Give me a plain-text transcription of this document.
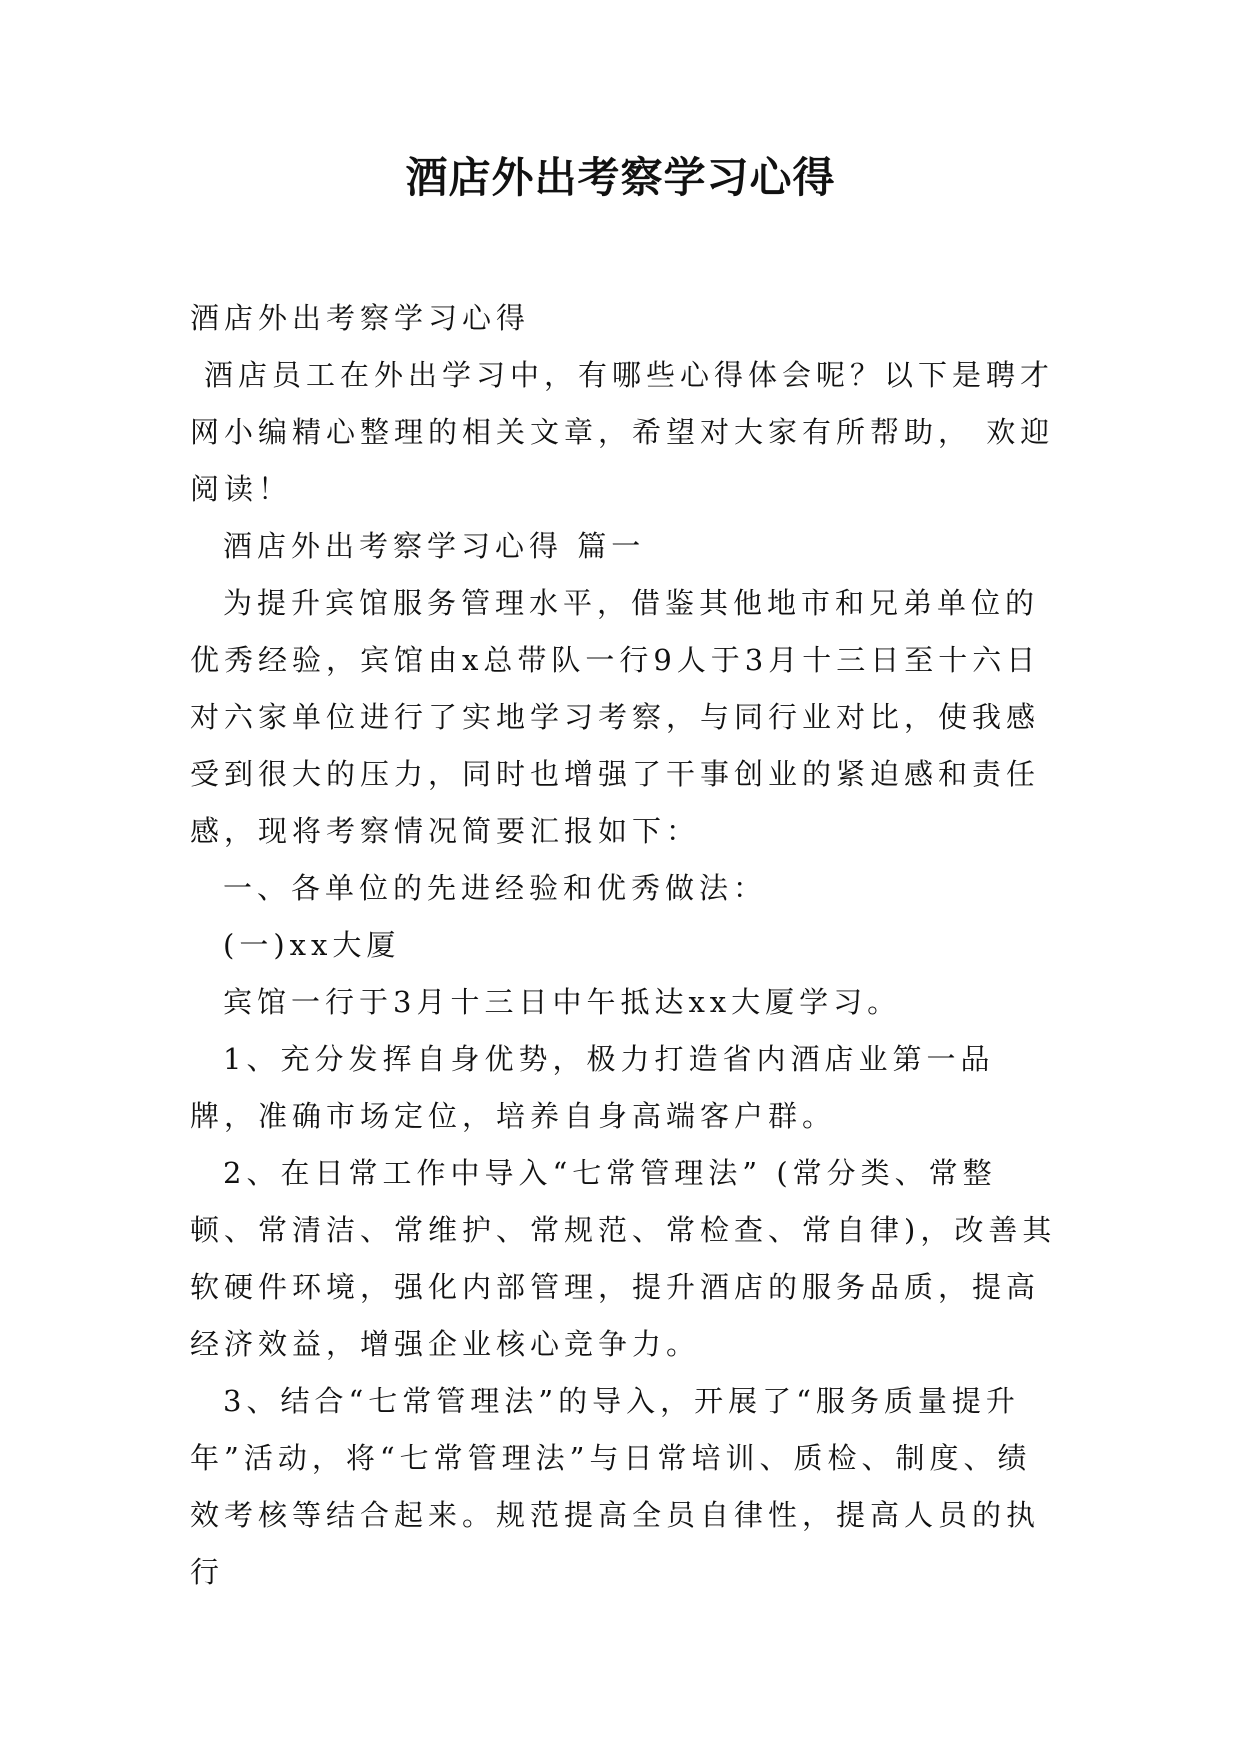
酒店外出考察学习心得

酒店外出考察学习心得

酒店员工在外出学习中，有哪些心得体会呢？以下是聘才网小编精心整理的相关文章，希望对大家有所帮助， 欢迎阅读！

酒店外出考察学习心得 篇一

为提升宾馆服务管理水平，借鉴其他地市和兄弟单位的优秀经验，宾馆由x总带队一行9人于3月十三日至十六日对六家单位进行了实地学习考察，与同行业对比，使我感受到很大的压力，同时也增强了干事创业的紧迫感和责任感，现将考察情况简要汇报如下：

一、各单位的先进经验和优秀做法：

(一)xx大厦

宾馆一行于3月十三日中午抵达xx大厦学习。

1、充分发挥自身优势，极力打造省内酒店业第一品牌，准确市场定位，培养自身高端客户群。

2、在日常工作中导入“七常管理法” (常分类、常整顿、常清洁、常维护、常规范、常检查、常自律)，改善其软硬件环境，强化内部管理，提升酒店的服务品质，提高经济效益，增强企业核心竞争力。

3、结合“七常管理法”的导入，开展了“服务质量提升年”活动，将“七常管理法”与日常培训、质检、制度、绩效考核等结合起来。规范提高全员自律性，提高人员的执行
